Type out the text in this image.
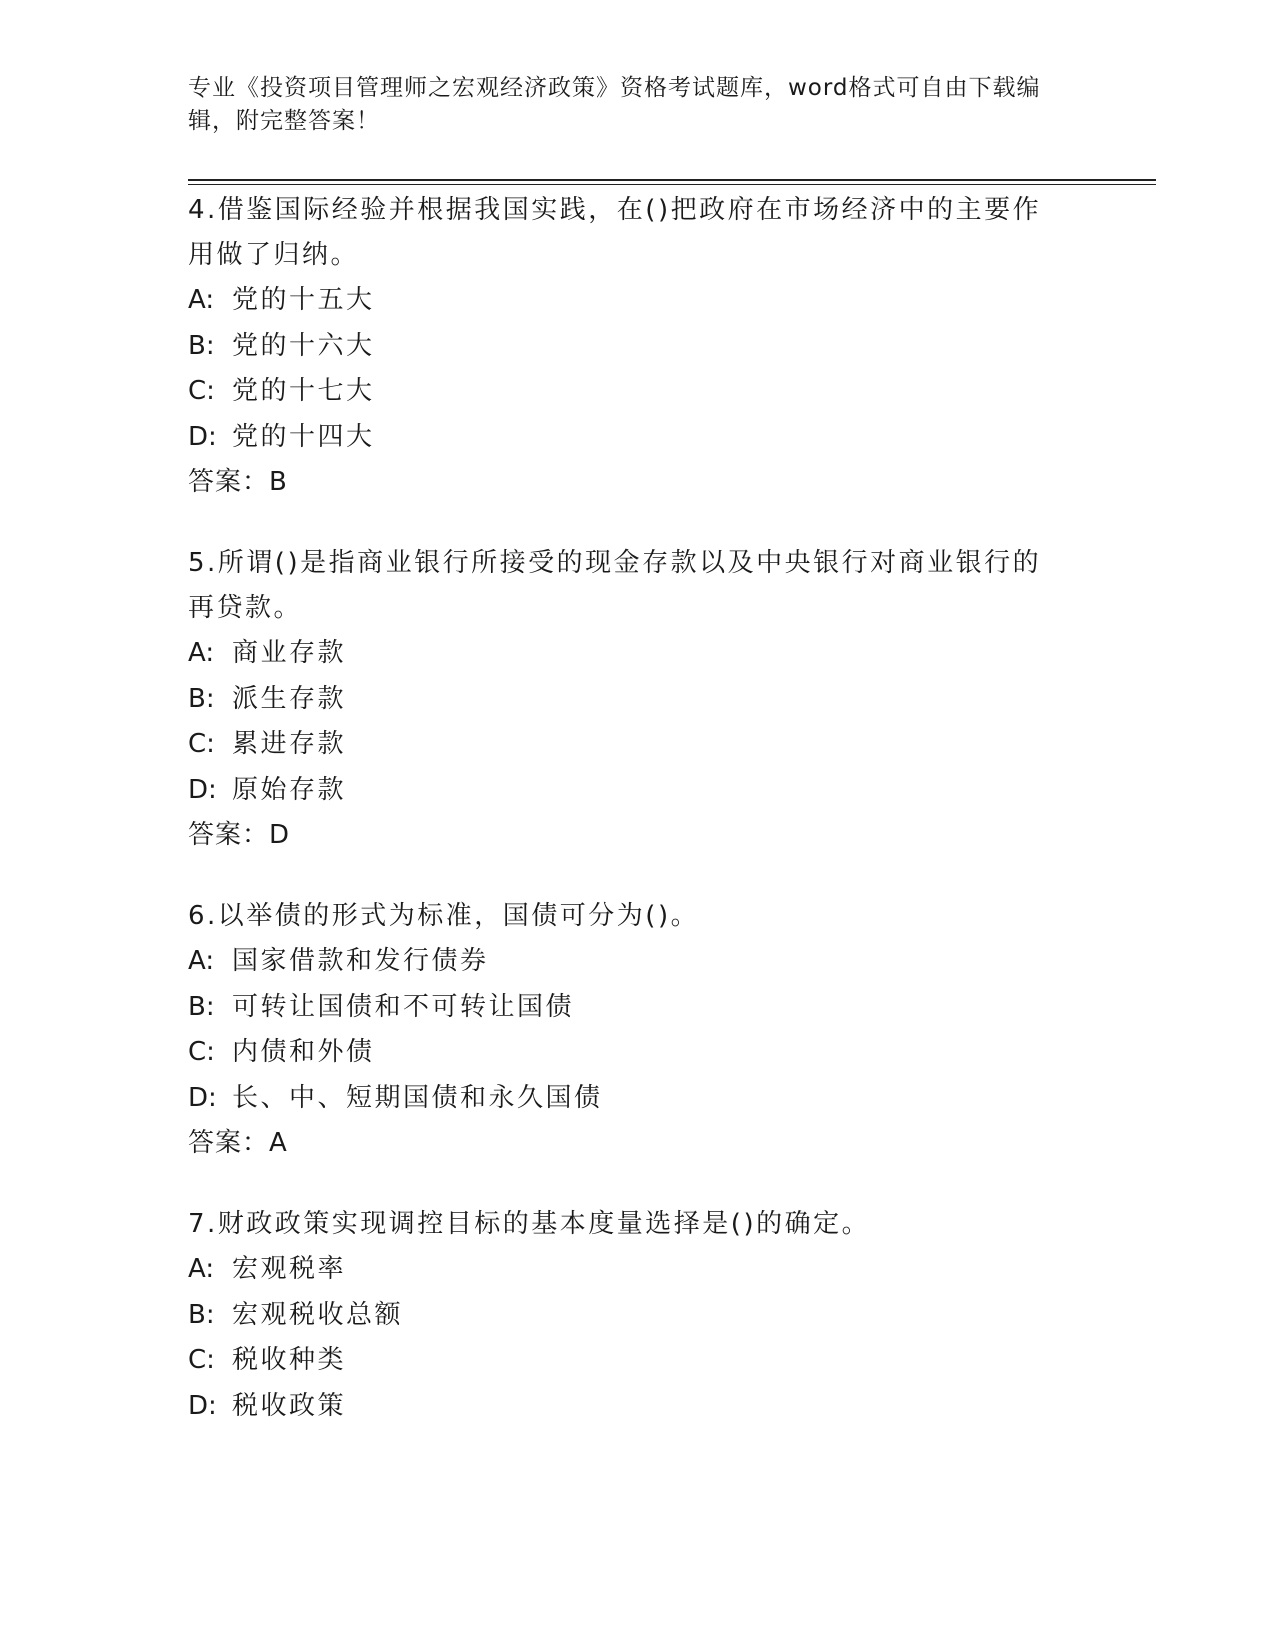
专业《投资项目管理师之宏观经济政策》资格考试题库，word格式可自由下载编辑，附完整答案！
4.借鉴国际经验并根据我国实践，在()把政府在市场经济中的主要作用做了归纳。
A: 党的十五大
B: 党的十六大
C: 党的十七大
D: 党的十四大
答案：B
5.所谓()是指商业银行所接受的现金存款以及中央银行对商业银行的再贷款。
A: 商业存款
B: 派生存款
C: 累进存款
D: 原始存款
答案：D
6.以举债的形式为标准，国债可分为()。
A: 国家借款和发行债券
B: 可转让国债和不可转让国债
C: 内债和外债
D: 长、中、短期国债和永久国债
答案：A
7.财政政策实现调控目标的基本度量选择是()的确定。
A: 宏观税率
B: 宏观税收总额
C: 税收种类
D: 税收政策
